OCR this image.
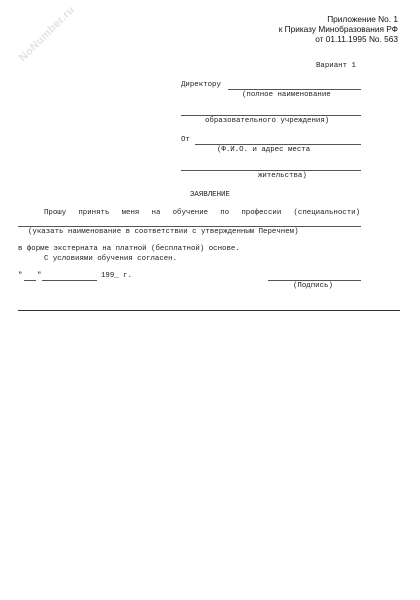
NoNumber.ru	Приложение No. 1
к Приказу Минобразования РФ
от 01.11.1995 No. 563
Вариант 1
Директору
(полное наименование
образовательного учреждения)
От
(Ф.И.О. и адрес места
жительства)
ЗАЯВЛЕНИЕ
Прошу принять меня на обучение по профессии (специальности)
(указать наименование в соответствии с утвержденным Перечнем)
в форме экстерната на платной (бесплатной) основе.
С условиями обучения согласен.
" "	199_ г.
(Подпись)
